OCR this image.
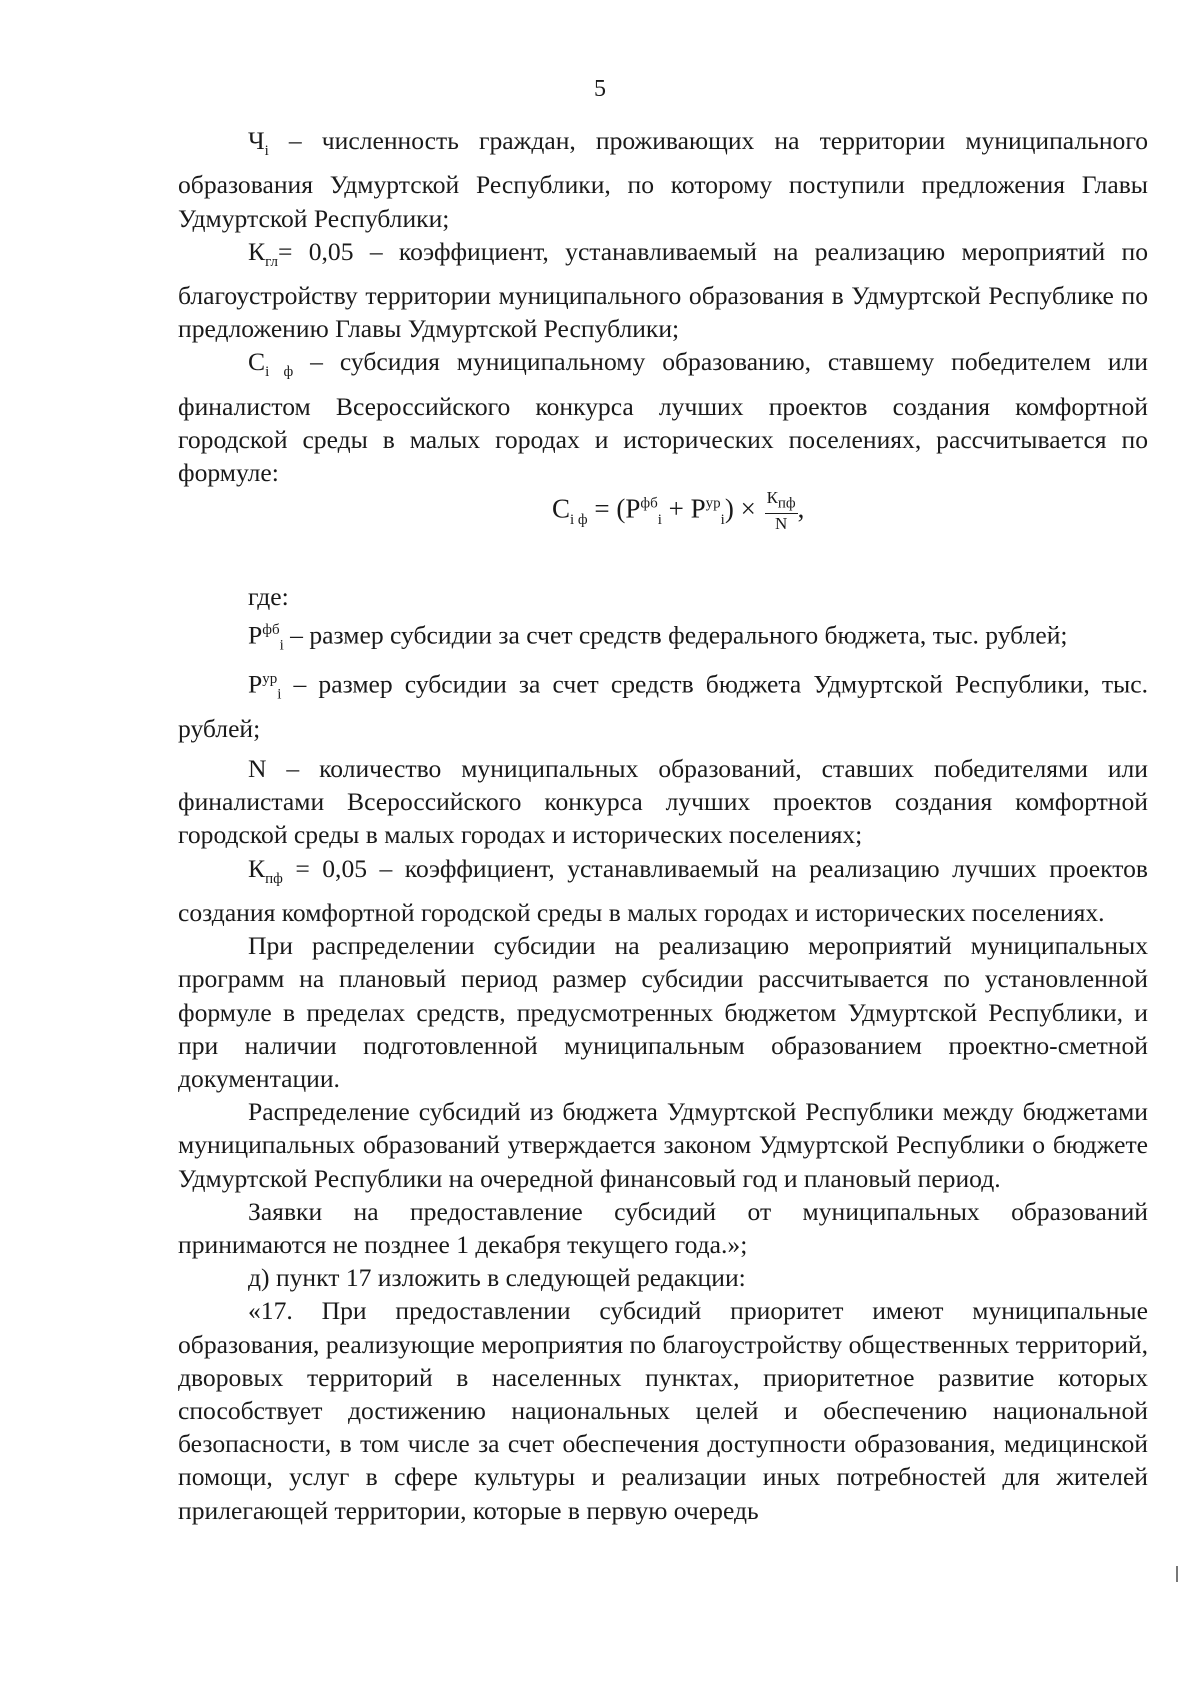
5

$Ч_i$ – численность граждан, проживающих на территории муниципального образования Удмуртской Республики, по которому поступили предложения Главы Удмуртской Республики;

$К_{гл}= 0,05$ – коэффициент, устанавливаемый на реализацию мероприятий по благоустройству территории муниципального образования в Удмуртской Республике по предложению Главы Удмуртской Республики;

$С_{i ф}$ – субсидия муниципальному образованию, ставшему победителем или финалистом Всероссийского конкурса лучших проектов создания комфортной городской среды в малых городах и исторических поселениях, рассчитывается по формуле:

$С_{i ф} = (Р^{фб}_i + Р^{ур}_i) \times \frac{К_{пф}}{N}$ ,
где:

$Р^{фб}_i$ – размер субсидии за счет средств федерального бюджета, тыс. рублей;

$Р^{ур}_i$ – размер субсидии за счет средств бюджета Удмуртской Республики, тыс. рублей;

N – количество муниципальных образований, ставших победителями или финалистами Всероссийского конкурса лучших проектов создания комфортной городской среды в малых городах и исторических поселениях;

$К_{пф} = 0,05$ – коэффициент, устанавливаемый на реализацию лучших проектов создания комфортной городской среды в малых городах и исторических поселениях.

При распределении субсидии на реализацию мероприятий муниципальных программ на плановый период размер субсидии рассчитывается по установленной формуле в пределах средств, предусмотренных бюджетом Удмуртской Республики, и при наличии подготовленной муниципальным образованием проектно-сметной документации.

Распределение субсидий из бюджета Удмуртской Республики между бюджетами муниципальных образований утверждается законом Удмуртской Республики о бюджете Удмуртской Республики на очередной финансовый год и плановый период.

Заявки на предоставление субсидий от муниципальных образований принимаются не позднее 1 декабря текущего года.»;

д) пункт 17 изложить в следующей редакции:

«17. При предоставлении субсидий приоритет имеют муниципальные образования, реализующие мероприятия по благоустройству общественных территорий, дворовых территорий в населенных пунктах, приоритетное развитие которых способствует достижению национальных целей и обеспечению национальной безопасности, в том числе за счет обеспечения доступности образования, медицинской помощи, услуг в сфере культуры и реализации иных потребностей для жителей прилегающей территории, которые в первую очередь
